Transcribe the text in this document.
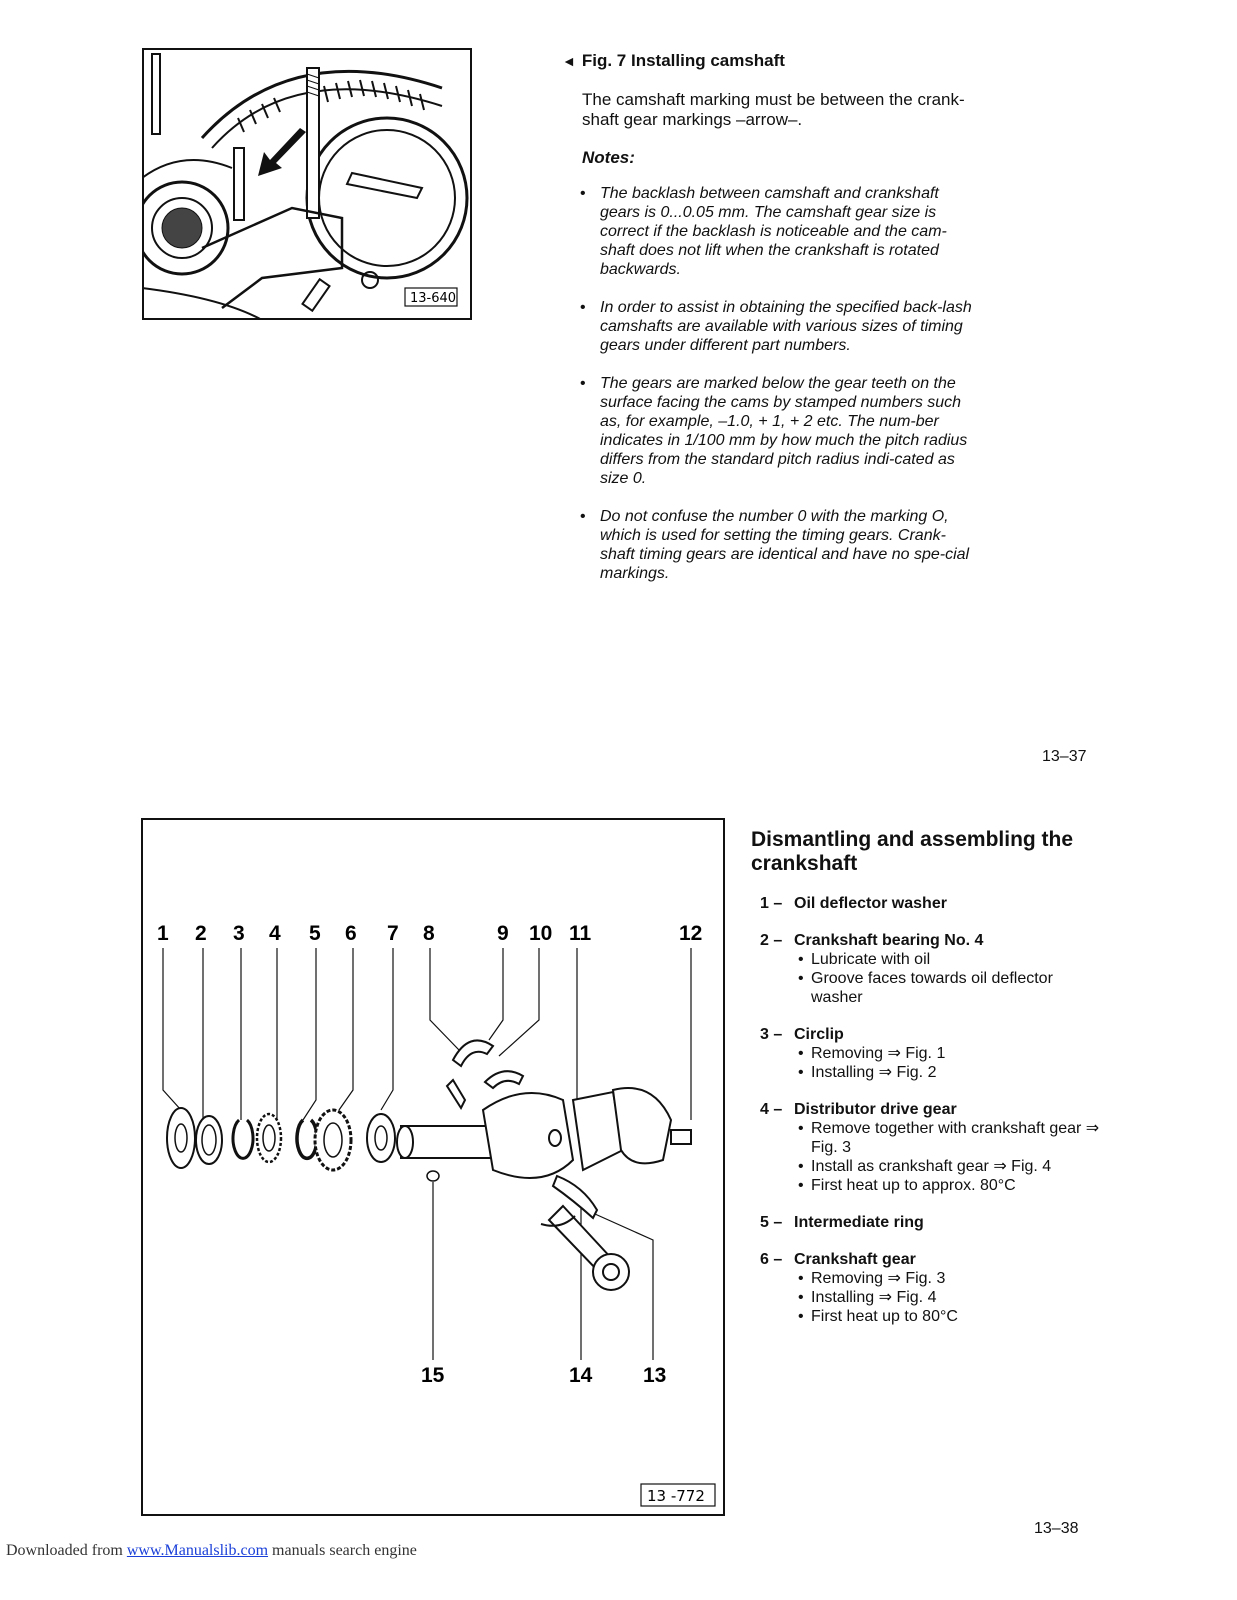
13-640
◄ Fig. 7 Installing camshaft
The camshaft marking must be between the crank-shaft gear markings –arrow–.
Notes:
• The backlash between camshaft and crankshaft gears is 0...0.05 mm. The camshaft gear size is correct if the backlash is noticeable and the cam-shaft does not lift when the crankshaft is rotated backwards.
• In order to assist in obtaining the specified back-lash camshafts are available with various sizes of timing gears under different part numbers.
• The gears are marked below the gear teeth on the surface facing the cams by stamped numbers such as, for example, –1.0, + 1, + 2 etc. The num-ber indicates in 1/100 mm by how much the pitch radius differs from the standard pitch radius indi-cated as size 0.
• Do not confuse the number 0 with the marking O, which is used for setting the timing gears. Crank-shaft timing gears are identical and have no spe-cial markings.
13–37
1 2 3 4 5 6 7 8	9 10 11	12
15	14 13
13 -772
Dismantling and assembling the crankshaft
1 – Oil deflector washer
2 – Crankshaft bearing No. 4
• Lubricate with oil
• Groove faces towards oil deflector washer
3 – Circlip
• Removing ⇒ Fig. 1
• Installing ⇒ Fig. 2
4 – Distributor drive gear
• Remove together with crankshaft gear ⇒ Fig. 3
• Install as crankshaft gear ⇒ Fig. 4
• First heat up to approx. 80°C
5 – Intermediate ring
6 – Crankshaft gear
• Removing ⇒ Fig. 3
• Installing ⇒ Fig. 4
• First heat up to 80°C
13–38
Downloaded from www.Manualslib.com manuals search engine
